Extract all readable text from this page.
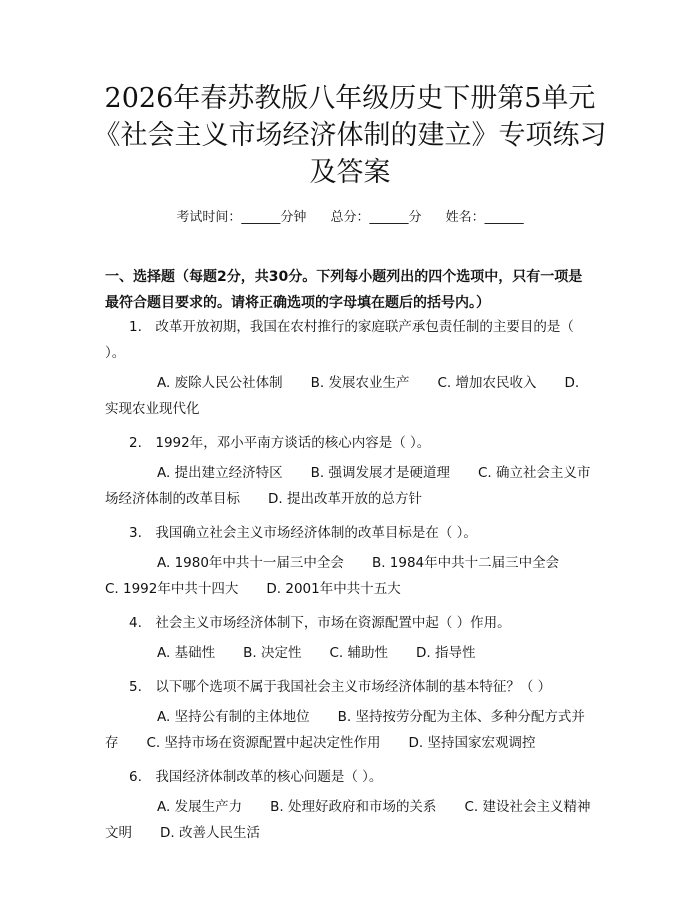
2026年春苏教版八年级历史下册第5单元
《社会主义市场经济体制的建立》专项练习
及答案
考试时间：______分钟 总分：______分 姓名：______
一、选择题（每题2分，共30分。下列每小题列出的四个选项中，只有一项是最符合题目要求的。请将正确选项的字母填在题后的括号内。）
1.　改革开放初期，我国在农村推行的家庭联产承包责任制的主要目的是（ ）。
A. 废除人民公社体制 B. 发展农业生产 C. 增加农民收入 D. 实现农业现代化
2.　1992年，邓小平南方谈话的核心内容是（ ）。
A. 提出建立经济特区 B. 强调发展才是硬道理 C. 确立社会主义市场经济体制的改革目标 D. 提出改革开放的总方针
3.　我国确立社会主义市场经济体制的改革目标是在（ ）。
A. 1980年中共十一届三中全会 B. 1984年中共十二届三中全会C. 1992年中共十四大 D. 2001年中共十五大
4.　社会主义市场经济体制下，市场在资源配置中起（ ）作用。
A. 基础性 B. 决定性 C. 辅助性 D. 指导性
5.　以下哪个选项不属于我国社会主义市场经济体制的基本特征？（ ）
A. 坚持公有制的主体地位 B. 坚持按劳分配为主体、多种分配方式并存 C. 坚持市场在资源配置中起决定性作用 D. 坚持国家宏观调控
6.　我国经济体制改革的核心问题是（ ）。
A. 发展生产力 B. 处理好政府和市场的关系 C. 建设社会主义精神文明 D. 改善人民生活
